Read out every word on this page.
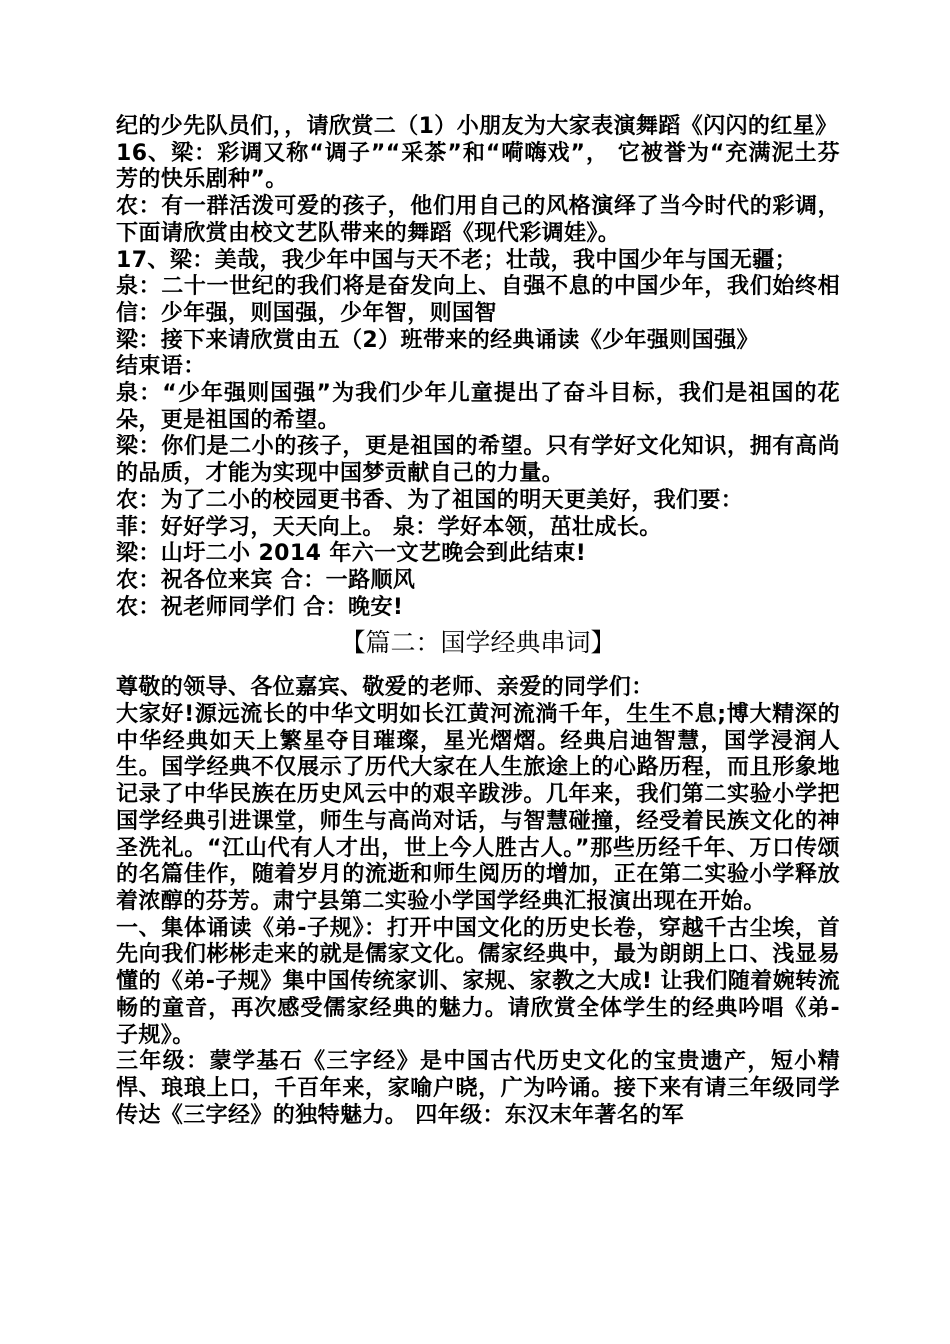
纪的少先队员们，，请欣赏二（1）小朋友为大家表演舞蹈《闪闪的红星》

16、梁：彩调又称“调子”“采茶”和“嗬嗨戏”， 它被誉为“充满泥土芬芳的快乐剧种”。

农：有一群活泼可爱的孩子，他们用自己的风格演绎了当今时代的彩调，下面请欣赏由校文艺队带来的舞蹈《现代彩调娃》。

17、梁：美哉，我少年中国与天不老；壮哉，我中国少年与国无疆；

泉：二十一世纪的我们将是奋发向上、自强不息的中国少年，我们始终相信：少年强，则国强，少年智，则国智

梁：接下来请欣赏由五（2）班带来的经典诵读《少年强则国强》

结束语：

泉：“少年强则国强”为我们少年儿童提出了奋斗目标，我们是祖国的花朵，更是祖国的希望。

梁：你们是二小的孩子，更是祖国的希望。只有学好文化知识，拥有高尚的品质，才能为实现中国梦贡献自己的力量。

农：为了二小的校园更书香、为了祖国的明天更美好，我们要：

菲：好好学习，天天向上。 泉：学好本领，茁壮成长。

梁：山圩二小 2014 年六一文艺晚会到此结束!

农：祝各位来宾 合：一路顺风

农：祝老师同学们 合：晚安!

【篇二：国学经典串词】

尊敬的领导、各位嘉宾、敬爱的老师、亲爱的同学们：

大家好!源远流长的中华文明如长江黄河流淌千年，生生不息;博大精深的中华经典如天上繁星夺目璀璨，星光熠熠。经典启迪智慧，国学浸润人生。国学经典不仅展示了历代大家在人生旅途上的心路历程，而且形象地记录了中华民族在历史风云中的艰辛跋涉。几年来，我们第二实验小学把国学经典引进课堂，师生与高尚对话，与智慧碰撞，经受着民族文化的神圣洗礼。“江山代有人才出，世上今人胜古人。”那些历经千年、万口传颂的名篇佳作，随着岁月的流逝和师生阅历的增加，正在第二实验小学释放着浓醇的芬芳。肃宁县第二实验小学国学经典汇报演出现在开始。

一、集体诵读《弟-子规》：打开中国文化的历史长卷，穿越千古尘埃，首先向我们彬彬走来的就是儒家文化。儒家经典中，最为朗朗上口、浅显易懂的《弟-子规》集中国传统家训、家规、家教之大成! 让我们随着婉转流畅的童音，再次感受儒家经典的魅力。请欣赏全体学生的经典吟唱《弟-子规》。

三年级：蒙学基石《三字经》是中国古代历史文化的宝贵遗产，短小精悍、琅琅上口，千百年来，家喻户晓，广为吟诵。接下来有请三年级同学传达《三字经》的独特魅力。 四年级：东汉末年著名的军
